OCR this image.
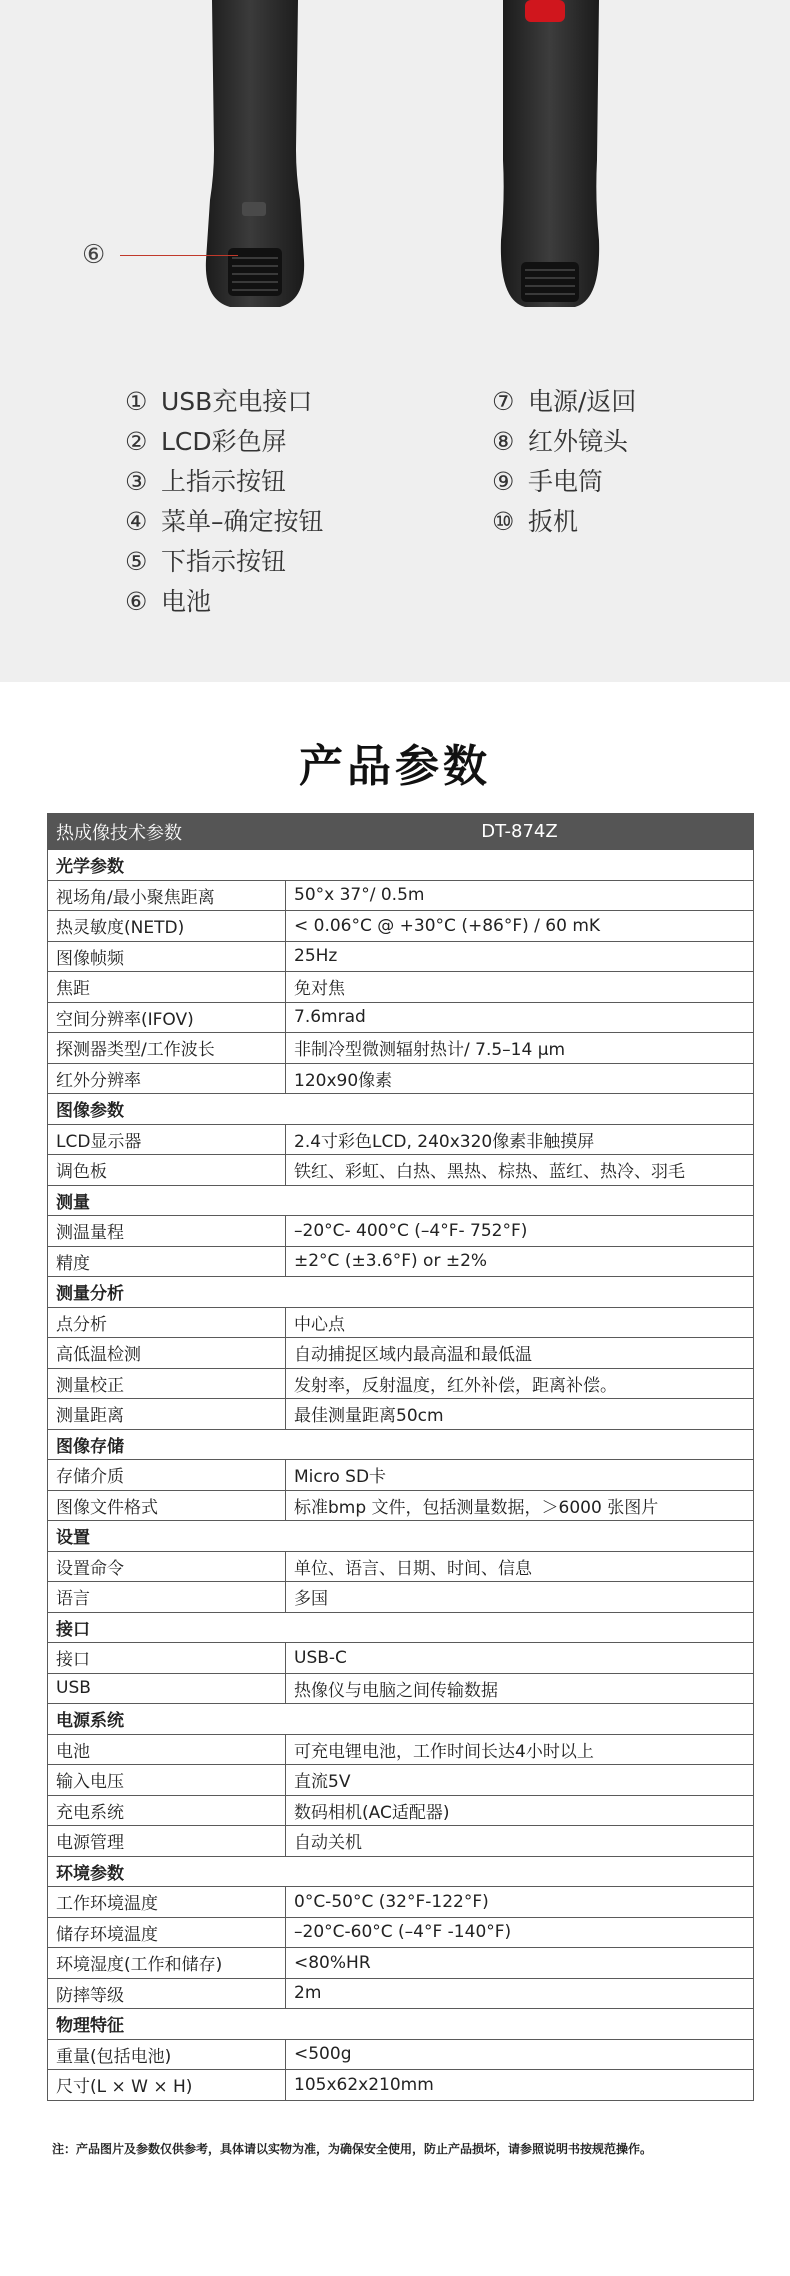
⑥
① USB充电接口
② LCD彩色屏
③ 上指示按钮
④ 菜单–确定按钮
⑤ 下指示按钮
⑥ 电池
⑦ 电源/返回
⑧ 红外镜头
⑨ 手电筒
⑩ 扳机
产品参数
热成像技术参数	DT-874Z
光学参数	
视场角/最小聚焦距离	50°x 37°/ 0.5m
热灵敏度(NETD)	< 0.06°C @ +30°C (+86°F) / 60 mK
图像帧频	25Hz
焦距	免对焦
空间分辨率(IFOV)	7.6mrad
探测器类型/工作波长	非制冷型微测辐射热计/ 7.5–14 μm
红外分辨率	120x90像素
图像参数	
LCD显示器	2.4寸彩色LCD, 240x320像素非触摸屏
调色板	铁红、彩虹、白热、黑热、棕热、蓝红、热冷、羽毛
测量	
测温量程	–20°C- 400°C (–4°F- 752°F)
精度	±2°C (±3.6°F) or ±2%
测量分析	
点分析	中心点
高低温检测	自动捕捉区域内最高温和最低温
测量校正	发射率，反射温度，红外补偿，距离补偿。
测量距离	最佳测量距离50cm
图像存储	
存储介质	Micro SD卡
图像文件格式	标准bmp 文件，包括测量数据，＞6000 张图片
设置	
设置命令	单位、语言、日期、时间、信息
语言	多国
接口	
接口	USB-C
USB	热像仪与电脑之间传输数据
电源系统	
电池	可充电锂电池，工作时间长达4小时以上
输入电压	直流5V
充电系统	数码相机(AC适配器)
电源管理	自动关机
环境参数	
工作环境温度	0°C-50°C (32°F-122°F)
储存环境温度	–20°C-60°C (–4°F -140°F)
环境湿度(工作和储存)	<80%HR
防摔等级	2m
物理特征	
重量(包括电池)	<500g
尺寸(L × W × H)	105x62x210mm
注：产品图片及参数仅供参考，具体请以实物为准，为确保安全使用，防止产品损坏，请参照说明书按规范操作。
